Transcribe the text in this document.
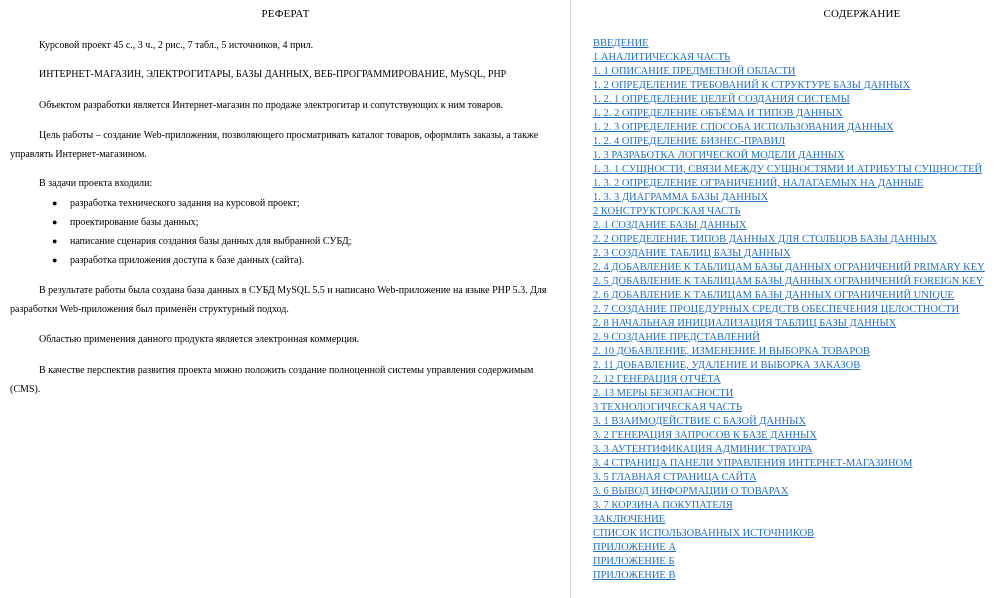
РЕФЕРАТ
Курсовой проект 45 с., 3 ч., 2 рис., 7 табл., 5 источников, 4 прил.
ИНТЕРНЕТ-МАГАЗИН, ЭЛЕКТРОГИТАРЫ, БАЗЫ ДАННЫХ, ВЕБ-ПРОГРАММИРОВАНИЕ, MySQL, PHP
Объектом разработки является Интернет-магазин по продаже электрогитар и сопутствующих к ним товаров.
Цель работы – создание Web-приложения, позволяющего просматривать каталог товаров, оформлять заказы, а также управлять Интернет-магазином.
В задачи проекта входили:
● разработка технического задания на курсовой проект;
● проектирование базы данных;
● написание сценария создания базы данных для выбранной СУБД;
● разработка приложения доступа к базе данных (сайта).
В результате работы была создана база данных в СУБД MySQL 5.5 и написано Web-приложение на языке PHP 5.3. Для разработки Web-приложения был применён структурный подход.
Областью применения данного продукта является электронная коммерция.
В качестве перспектив развития проекта можно положить создание полноценной системы управления содержимым (CMS).
СОДЕРЖАНИЕ
ВВЕДЕНИЕ
1 АНАЛИТИЧЕСКАЯ ЧАСТЬ
1. 1 ОПИСАНИЕ ПРЕДМЕТНОЙ ОБЛАСТИ
1. 2 ОПРЕДЕЛЕНИЕ ТРЕБОВАНИЙ К СТРУКТУРЕ БАЗЫ ДАННЫХ
1. 2. 1 ОПРЕДЕЛЕНИЕ ЦЕЛЕЙ СОЗДАНИЯ СИСТЕМЫ
1. 2. 2 ОПРЕДЕЛЕНИЕ ОБЪЁМА И ТИПОВ ДАННЫХ
1. 2. 3 ОПРЕДЕЛЕНИЕ СПОСОБА ИСПОЛЬЗОВАНИЯ ДАННЫХ
1. 2. 4 ОПРЕДЕЛЕНИЕ БИЗНЕС-ПРАВИЛ
1. 3 РАЗРАБОТКА ЛОГИЧЕСКОЙ МОДЕЛИ ДАННЫХ
1. 3. 1 СУЩНОСТИ, СВЯЗИ МЕЖДУ СУЩНОСТЯМИ И АТРИБУТЫ СУЩНОСТЕЙ
1. 3. 2 ОПРЕДЕЛЕНИЕ ОГРАНИЧЕНИЙ, НАЛАГАЕМЫХ НА ДАННЫЕ
1. 3. 3 ДИАГРАММА БАЗЫ ДАННЫХ
2 КОНСТРУКТОРСКАЯ ЧАСТЬ
2. 1 СОЗДАНИЕ БАЗЫ ДАННЫХ
2. 2 ОПРЕДЕЛЕНИЕ ТИПОВ ДАННЫХ ДЛЯ СТОЛБЦОВ БАЗЫ ДАННЫХ
2. 3 СОЗДАНИЕ ТАБЛИЦ БАЗЫ ДАННЫХ
2. 4 ДОБАВЛЕНИЕ К ТАБЛИЦАМ БАЗЫ ДАННЫХ ОГРАНИЧЕНИЙ PRIMARY KEY
2. 5 ДОБАВЛЕНИЕ К ТАБЛИЦАМ БАЗЫ ДАННЫХ ОГРАНИЧЕНИЙ FOREIGN KEY
2. 6 ДОБАВЛЕНИЕ К ТАБЛИЦАМ БАЗЫ ДАННЫХ ОГРАНИЧЕНИЙ UNIQUE
2. 7 СОЗДАНИЕ ПРОЦЕДУРНЫХ СРЕДСТВ ОБЕСПЕЧЕНИЯ ЦЕЛОСТНОСТИ
2. 8 НАЧАЛЬНАЯ ИНИЦИАЛИЗАЦИЯ ТАБЛИЦ БАЗЫ ДАННЫХ
2. 9 СОЗДАНИЕ ПРЕДСТАВЛЕНИЙ
2. 10 ДОБАВЛЕНИЕ, ИЗМЕНЕНИЕ И ВЫБОРКА ТОВАРОВ
2. 11 ДОБАВЛЕНИЕ, УДАЛЕНИЕ И ВЫБОРКА ЗАКАЗОВ
2. 12 ГЕНЕРАЦИЯ ОТЧЁТА
2. 13 МЕРЫ БЕЗОПАСНОСТИ
3 ТЕХНОЛОГИЧЕСКАЯ ЧАСТЬ
3. 1 ВЗАИМОДЕЙСТВИЕ С БАЗОЙ ДАННЫХ
3. 2 ГЕНЕРАЦИЯ ЗАПРОСОВ К БАЗЕ ДАННЫХ
3. 3 АУТЕНТИФИКАЦИЯ АДМИНИСТРАТОРА
3. 4 СТРАНИЦА ПАНЕЛИ УПРАВЛЕНИЯ ИНТЕРНЕТ-МАГАЗИНОМ
3. 5 ГЛАВНАЯ СТРАНИЦА САЙТА
3. 6 ВЫВОД ИНФОРМАЦИИ О ТОВАРАХ
3. 7 КОРЗИНА ПОКУПАТЕЛЯ
ЗАКЛЮЧЕНИЕ
СПИСОК ИСПОЛЬЗОВАННЫХ ИСТОЧНИКОВ
ПРИЛОЖЕНИЕ А
ПРИЛОЖЕНИЕ Б
ПРИЛОЖЕНИЕ В
